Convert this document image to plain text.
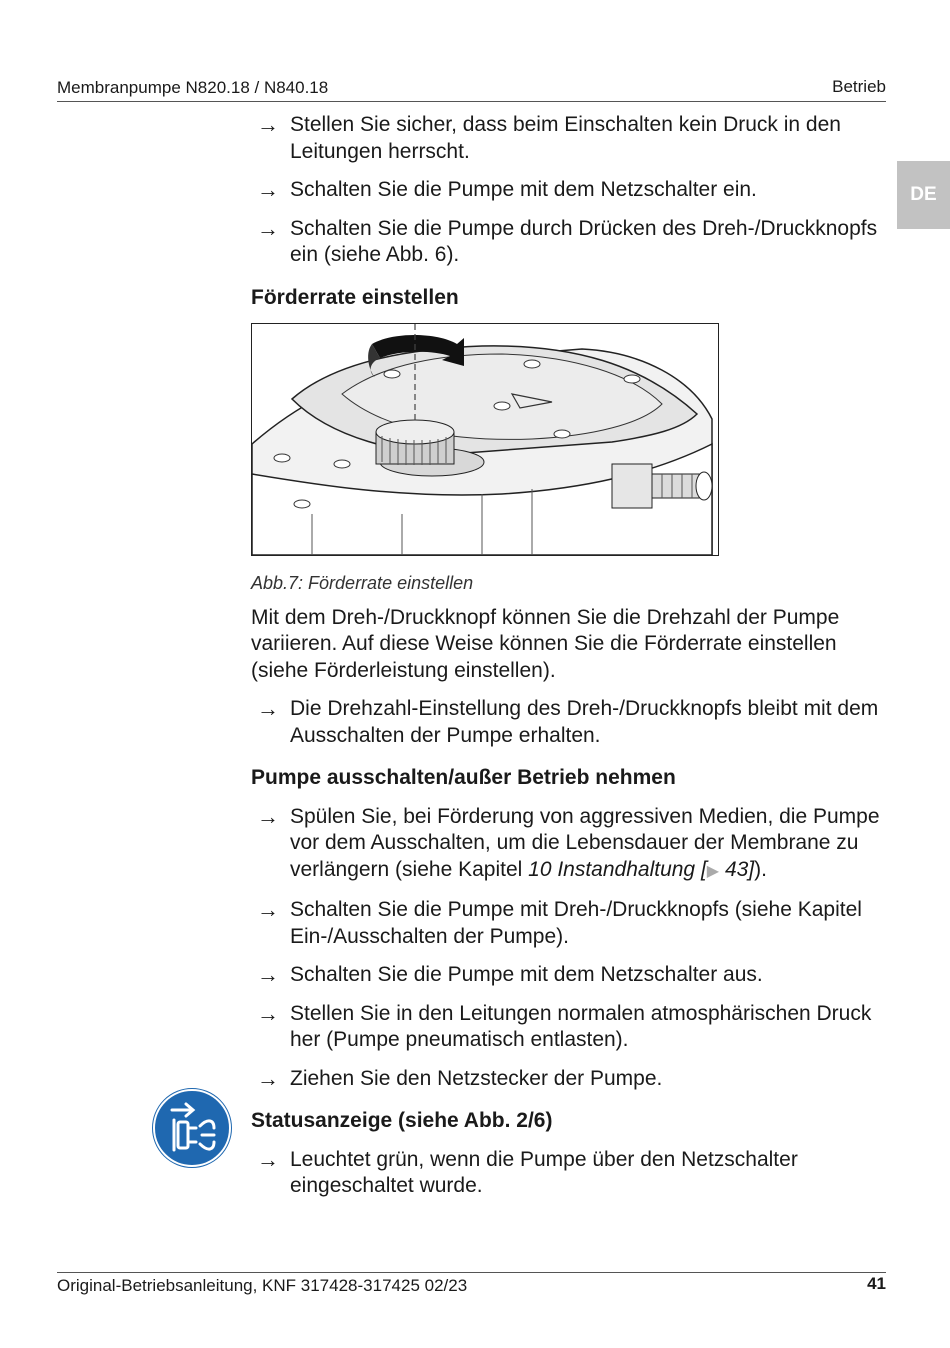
Membranpumpe N820.18 / N840.18	Betrieb
DE
→ Stellen Sie sicher, dass beim Einschalten kein Druck in den Leitungen herrscht.
→ Schalten Sie die Pumpe mit dem Netzschalter ein.
→ Schalten Sie die Pumpe durch Drücken des Dreh-/Druckknopfs ein (siehe Abb. 6).
Förderrate einstellen
Abb.7: Förderrate einstellen
Mit dem Dreh-/Druckknopf können Sie die Drehzahl der Pumpe variieren. Auf diese Weise können Sie die Förderrate einstellen (siehe Förderleistung einstellen).
→ Die Drehzahl-Einstellung des Dreh-/Druckknopfs bleibt mit dem Ausschalten der Pumpe erhalten.
Pumpe ausschalten/außer Betrieb nehmen
→ Spülen Sie, bei Förderung von aggressiven Medien, die Pumpe vor dem Ausschalten, um die Lebensdauer der Membrane zu verlängern (siehe Kapitel 10 Instandhaltung [▶ 43]).
→ Schalten Sie die Pumpe mit Dreh-/Druckknopfs (siehe Kapitel Ein-/Ausschalten der Pumpe).
→ Schalten Sie die Pumpe mit dem Netzschalter aus.
→ Stellen Sie in den Leitungen normalen atmosphärischen Druck her (Pumpe pneumatisch entlasten).
→ Ziehen Sie den Netzstecker der Pumpe.
Statusanzeige (siehe Abb. 2/6)
→ Leuchtet grün, wenn die Pumpe über den Netzschalter eingeschaltet wurde.
Original-Betriebsanleitung, KNF 317428-317425 02/23	41
